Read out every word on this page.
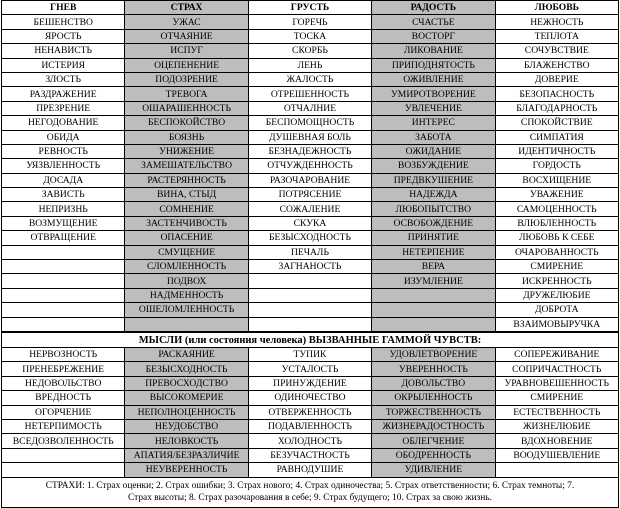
ГНЕВ	СТРАХ	ГРУСТЬ	РАДОСТЬ	ЛЮБОВЬ
БЕШЕНСТВО	УЖАС	ГОРЕЧЬ	СЧАСТЬЕ	НЕЖНОСТЬ
ЯРОСТЬ	ОТЧАЯНИЕ	ТОСКА	ВОСТОРГ	ТЕПЛОТА
НЕНАВИСТЬ	ИСПУГ	СКОРБЬ	ЛИКОВАНИЕ	СОЧУВСТВИЕ
ИСТЕРИЯ	ОЦЕПЕНЕНИЕ	ЛЕНЬ	ПРИПОДНЯТОСТЬ	БЛАЖЕНСТВО
ЗЛОСТЬ	ПОДОЗРЕНИЕ	ЖАЛОСТЬ	ОЖИВЛЕНИЕ	ДОВЕРИЕ
РАЗДРАЖЕНИЕ	ТРЕВОГА	ОТРЕШЕННОСТЬ	УМИРОТВОРЕНИЕ	БЕЗОПАСНОСТЬ
ПРЕЗРЕНИЕ	ОШАРАШЕННОСТЬ	ОТЧАЛНИЕ	УВЛЕЧЕНИЕ	БЛАГОДАРНОСТЬ
НЕГОДОВАНИЕ	БЕСПОКОЙСТВО	БЕСПОМОЩНОСТЬ	ИНТЕРЕС	СПОКОЙСТВИЕ
ОБИДА	БОЯЗНЬ	ДУШЕВНАЯ БОЛЬ	ЗАБОТА	СИМПАТИЯ
РЕВНОСТЬ	УНИЖЕНИЕ	БЕЗНАДЕЖНОСТЬ	ОЖИДАНИЕ	ИДЕНТИЧНОСТЬ
УЯЗВЛЕННОСТЬ	ЗАМЕШАТЕЛЬСТВО	ОТЧУЖДЕННОСТЬ	ВОЗБУЖДЕНИЕ	ГОРДОСТЬ
ДОСАДА	РАСТЕРЯННОСТЬ	РАЗОЧАРОВАНИЕ	ПРЕДВКУШЕНИЕ	ВОСХИЩЕНИЕ
ЗАВИСТЬ	ВИНА, СТЫД	ПОТРЯСЕНИЕ	НАДЕЖДА	УВАЖЕНИЕ
НЕПРИЗНЬ	СОМНЕНИЕ	СОЖАЛЕНИЕ	ЛЮБОПЫТСТВО	САМОЦЕННОСТЬ
ВОЗМУЩЕНИЕ	ЗАСТЕНЧИВОСТЬ	СКУКА	ОСВОБОЖДЕНИЕ	ВЛЮБЛЕННОСТЬ
ОТВРАЩЕНИЕ	ОПАСЕНИЕ	БЕЗЫСХОДНОСТЬ	ПРИНЯТИЕ	ЛЮБОВЬ К СЕБЕ
	СМУЩЕНИЕ	ПЕЧАЛЬ	НЕТЕРПЕНИЕ	ОЧАРОВАННОСТЬ
	СЛОМЛЕННОСТЬ	ЗАГНАНОСТЬ	ВЕРА	СМИРЕНИЕ
	ПОДВОХ		ИЗУМЛЕНИЕ	ИСКРЕННОСТЬ
	НАДМЕННОСТЬ			ДРУЖЕЛЮБИЕ
	ОШЕЛОМЛЕННОСТЬ			ДОБРОТА
				ВЗАИМОВЫРУЧКА
МЫСЛИ (или состояния человека) ВЫЗВАННЫЕ ГАММОЙ ЧУВСТВ:
НЕРВОЗНОСТЬ	РАСКАЯНИЕ	ТУПИК	УДОВЛЕТВОРЕНИЕ	СОПЕРЕЖИВАНИЕ
ПРЕНЕБРЕЖЕНИЕ	БЕЗЫСХОДНОСТЬ	УСТАЛОСТЬ	УВЕРЕННОСТЬ	СОПРИЧАСТНОСТЬ
НЕДОВОЛЬСТВО	ПРЕВОСХОДСТВО	ПРИНУЖДЕНИЕ	ДОВОЛЬСТВО	УРАВНОВЕШЕННОСТЬ
ВРЕДНОСТЬ	ВЫСОКОМЕРИЕ	ОДИНОЧЕСТВО	ОКРЫЛЕННОСТЬ	СМИРЕНИЕ
ОГОРЧЕНИЕ	НЕПОЛНОЦЕННОСТЬ	ОТВЕРЖЕННОСТЬ	ТОРЖЕСТВЕННОСТЬ	ЕСТЕСТВЕННОСТЬ
НЕТЕРПИМОСТЬ	НЕУДОБСТВО	ПОДАВЛЕННОСТЬ	ЖИЗНЕРАДОСТНОСТЬ	ЖИЗНЕЛЮБИЕ
ВСЕДОЗВОЛЕННОСТЬ	НЕЛОВКОСТЬ	ХОЛОДНОСТЬ	ОБЛЕГЧЕНИЕ	ВДОХНОВЕНИЕ
	АПАТИЯ/БЕЗРАЗЛИЧИЕ	БЕЗУЧАСТНОСТЬ	ОБОДРЕННОСТЬ	ВООДУШЕВЛЕНИЕ
	НЕУВЕРЕННОСТЬ	РАВНОДУШИЕ	УДИВЛЕНИЕ	
СТРАХИ: 1. Страх оценки; 2. Страх ошибки; 3. Страх нового; 4. Страх одиночества; 5. Страх ответственности; 6. Страх темноты; 7.
Страх высоты; 8. Страх разочарования в себе; 9. Страх будущего; 10. Страх за свою жизнь.
